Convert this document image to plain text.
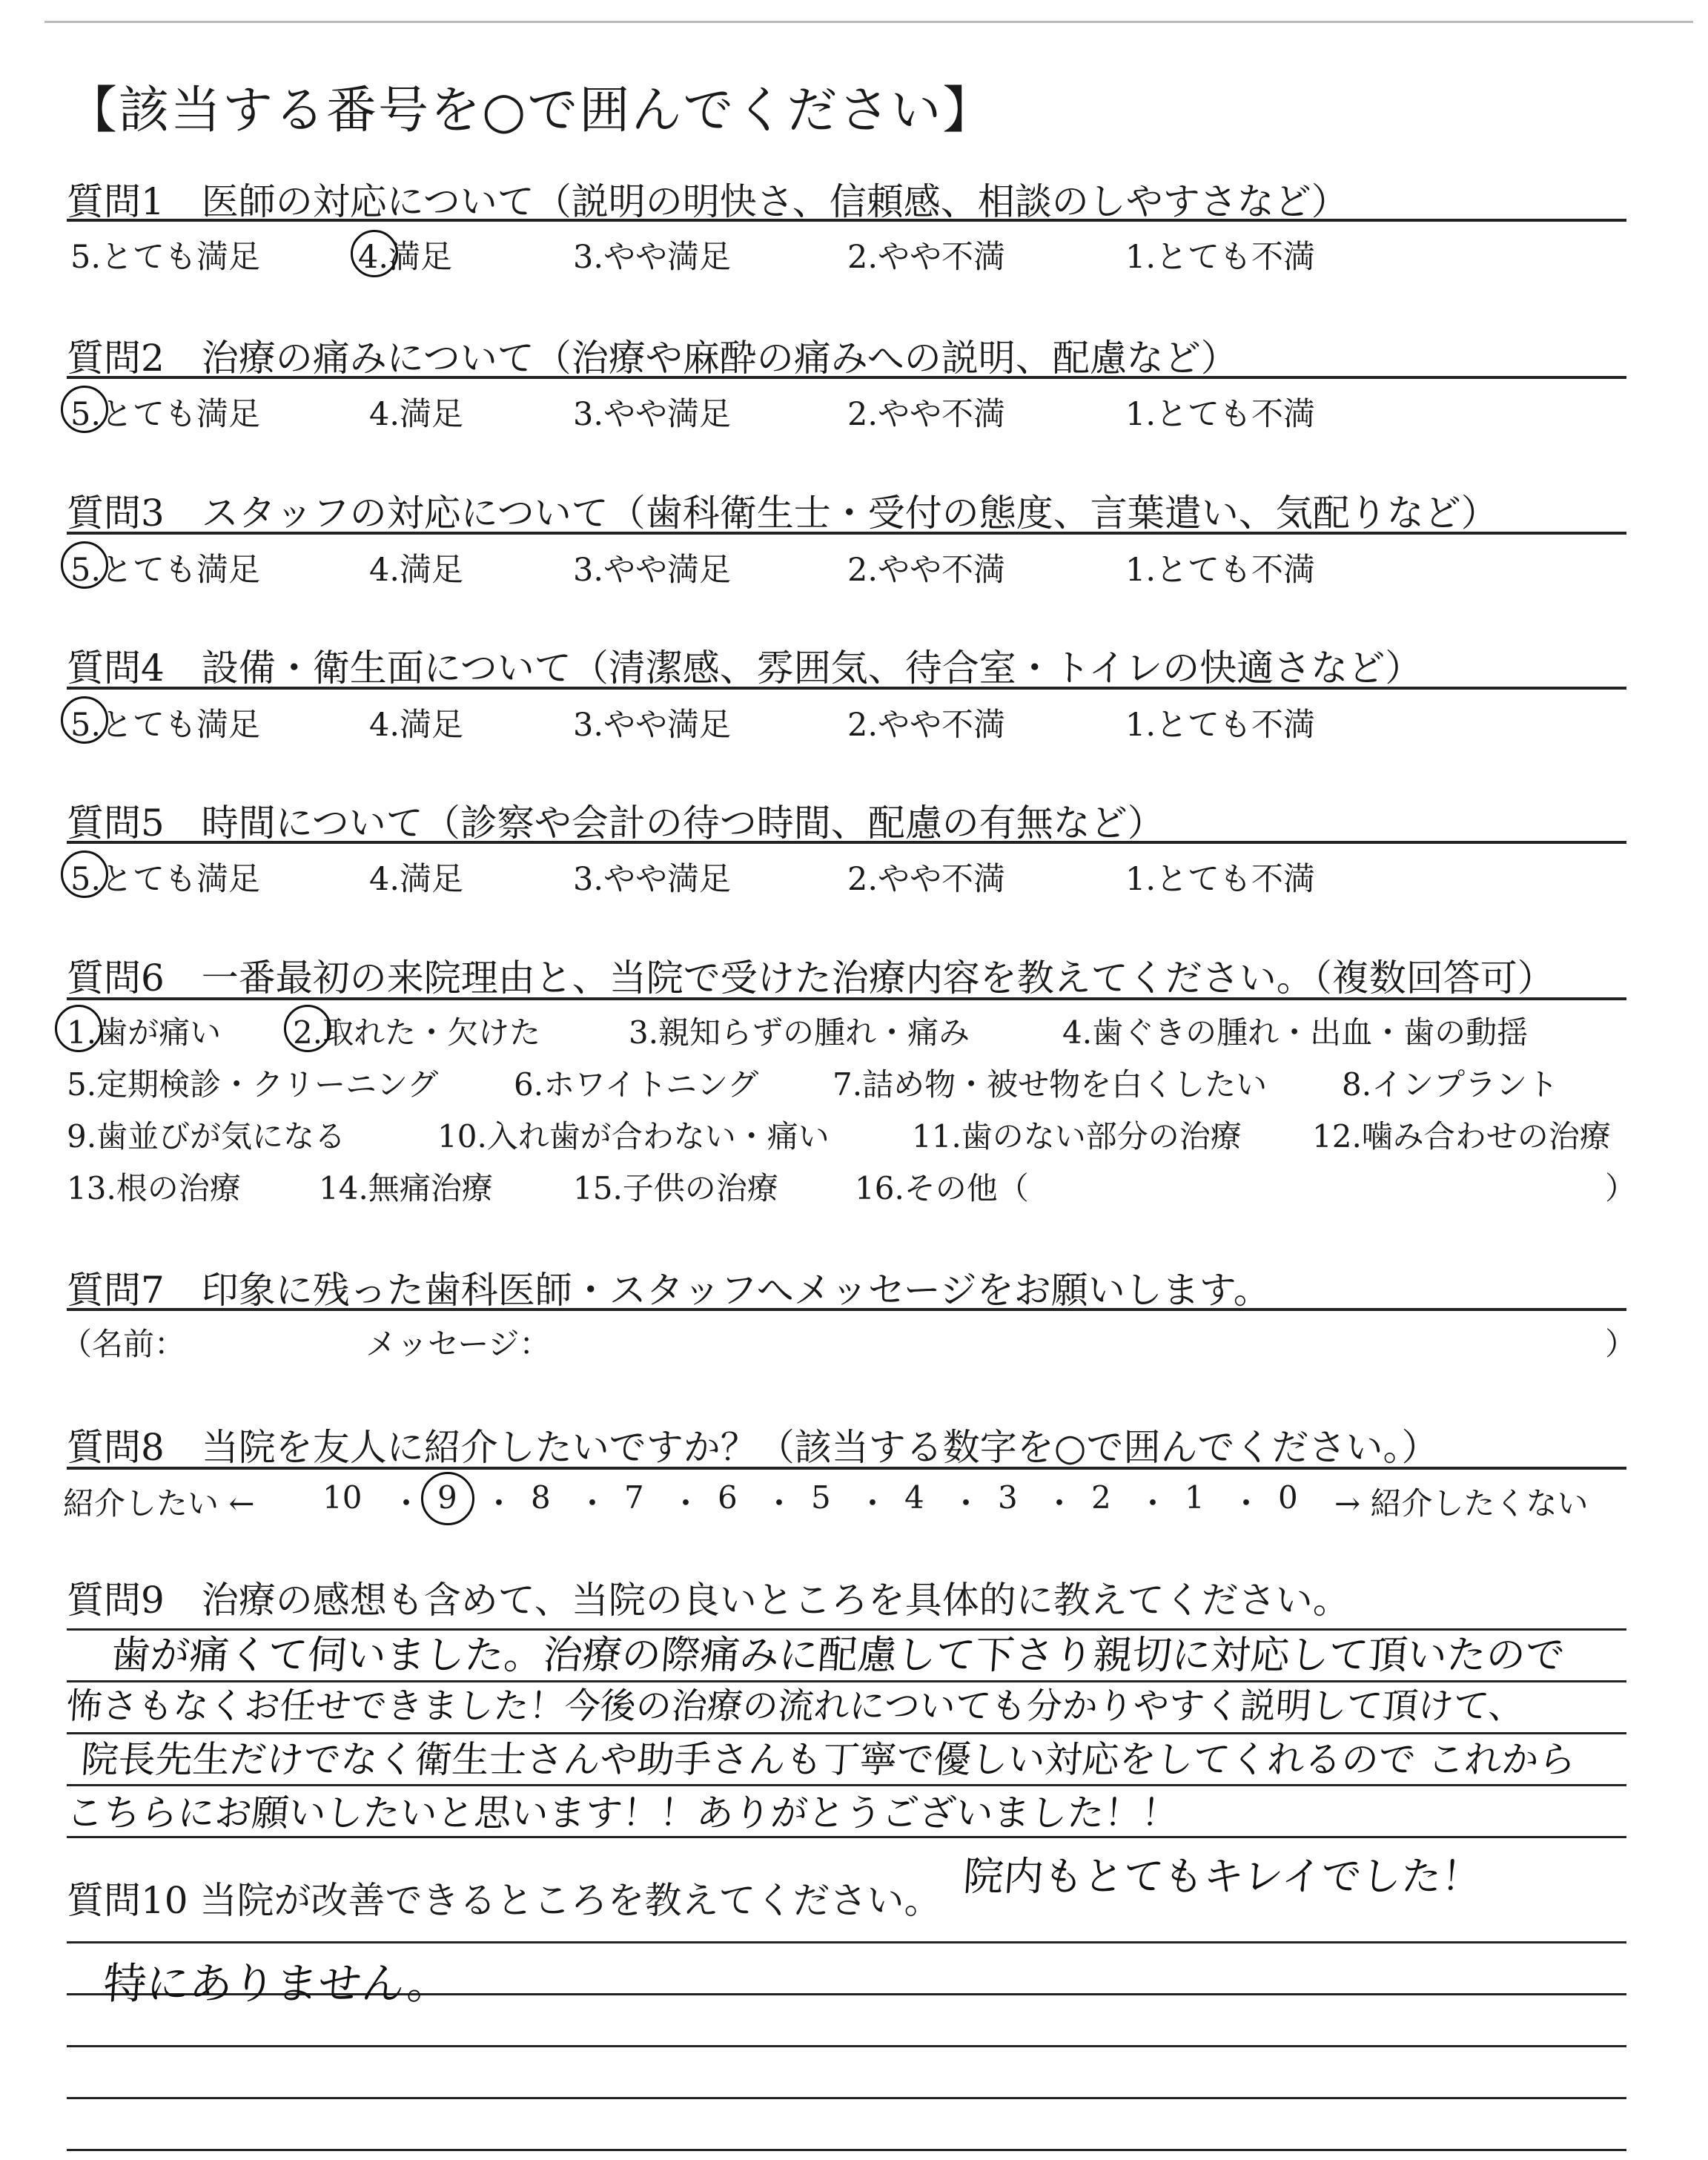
【該当する番号を○で囲んでください】
質問1　医師の対応について（説明の明快さ、信頼感、相談のしやすさなど）
5.とても満足	4.満足	3.やや満足	2.やや不満	1.とても不満
質問2　治療の痛みについて（治療や麻酔の痛みへの説明、配慮など）
5.とても満足	4.満足	3.やや満足	2.やや不満	1.とても不満
質問3　スタッフの対応について（歯科衛生士・受付の態度、言葉遣い、気配りなど）
5.とても満足	4.満足	3.やや満足	2.やや不満	1.とても不満
質問4　設備・衛生面について（清潔感、雰囲気、待合室・トイレの快適さなど）
5.とても満足	4.満足	3.やや満足	2.やや不満	1.とても不満
質問5　時間について（診察や会計の待つ時間、配慮の有無など）
5.とても満足	4.満足	3.やや満足	2.やや不満	1.とても不満
質問6　一番最初の来院理由と、当院で受けた治療内容を教えてください。（複数回答可）
1.歯が痛い 2.取れた・欠けた	3.親知らずの腫れ・痛み	4.歯ぐきの腫れ・出血・歯の動揺
5.定期検診・クリーニング 6.ホワイトニング 7.詰め物・被せ物を白くしたい 8.インプラント
9.歯並びが気になる	10.入れ歯が合わない・痛い	11.歯のない部分の治療 12.噛み合わせの治療
13.根の治療	14.無痛治療	15.子供の治療 16.その他（	）
質問7　印象に残った歯科医師・スタッフへメッセージをお願いします。
（名前：	メッセージ：	）
質問8　当院を友人に紹介したいですか？（該当する数字を○で囲んでください。）
紹介したい ← 10 ・ 9 ・ 8 ・ 7 ・ 6 ・ 5 ・ 4 ・ 3 ・ 2 ・ 1 ・ 0 → 紹介したくない
質問9　治療の感想も含めて、当院の良いところを具体的に教えてください。
歯が痛くて伺いました。治療の際痛みに配慮して下さり親切に対応して頂いたので
怖さもなくお任せできました！今後の治療の流れについても分かりやすく説明して頂けて、
院長先生だけでなく衛生士さんや助手さんも丁寧で優しい対応をしてくれるので これから
こちらにお願いしたいと思います！！ありがとうございました！！
院内もとてもキレイでした！
質問10 当院が改善できるところを教えてください。
特にありません。
